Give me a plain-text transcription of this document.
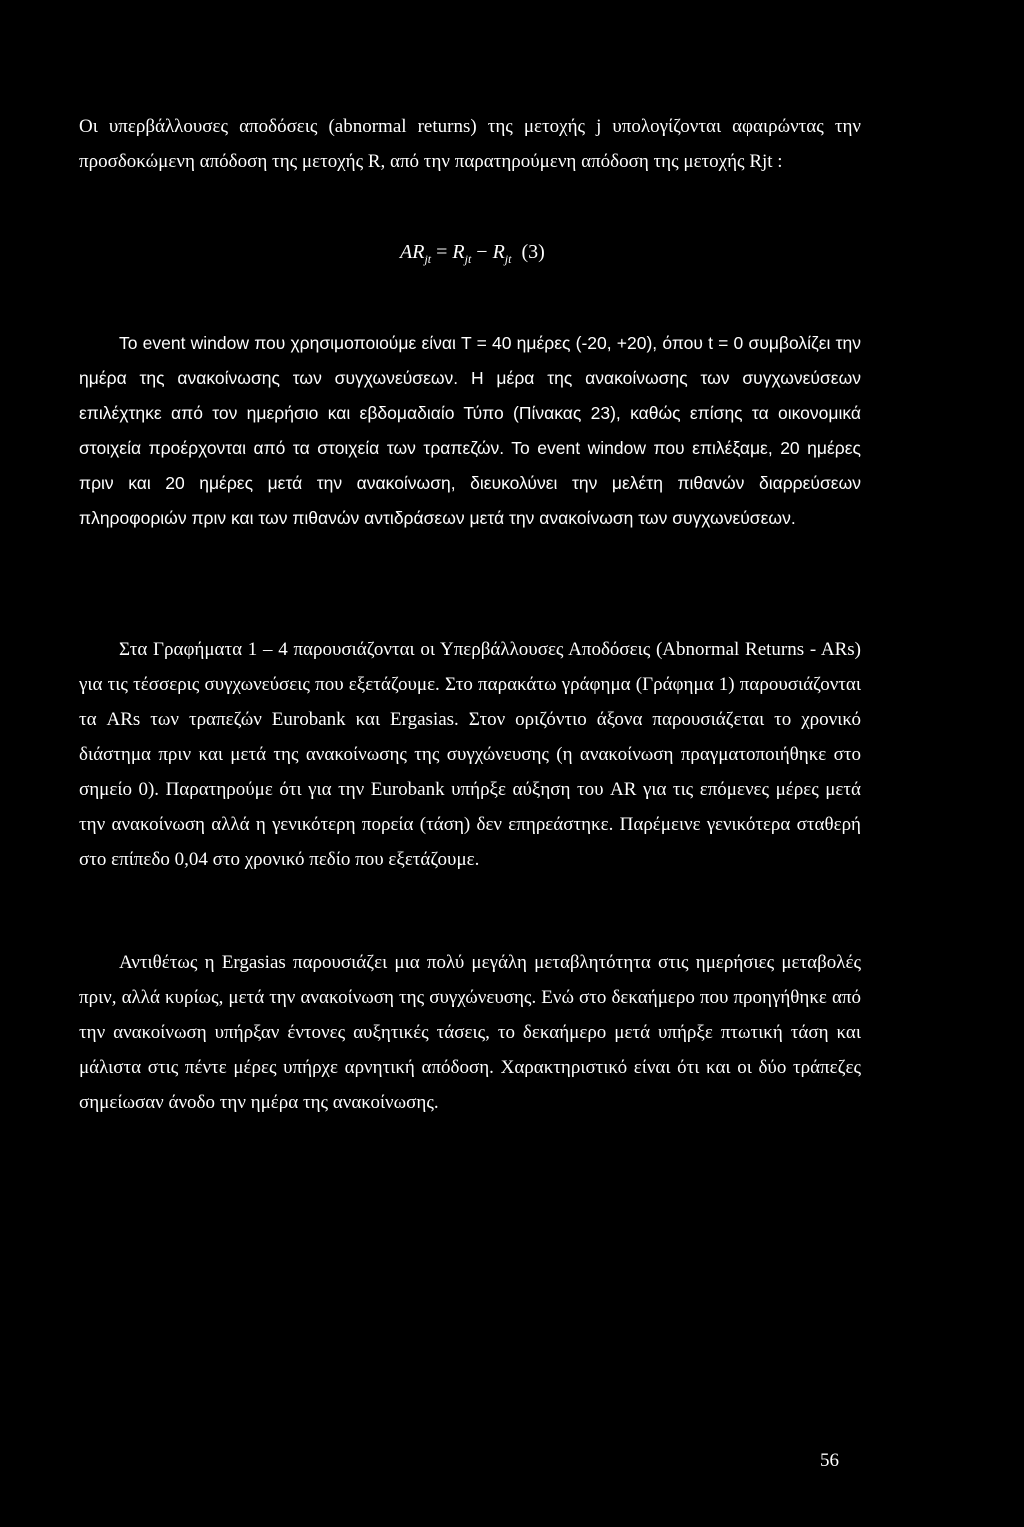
Οι υπερβάλλουσες αποδόσεις (abnormal returns) της μετοχής j υπολογίζονται αφαιρώντας την προσδοκώμενη απόδοση της μετοχής R, από την παρατηρούμενη απόδοση της μετοχής Rjt :

$AR_{jt} = R_{jt} - R_{jt}$ (3)

Το event window που χρησιμοποιούμε είναι T = 40 ημέρες (-20, +20), όπου t = 0 συμβολίζει την ημέρα της ανακοίνωσης των συγχωνεύσεων. Η μέρα της ανακοίνωσης των συγχωνεύσεων επιλέχτηκε από τον ημερήσιο και εβδομαδιαίο Τύπο (Πίνακας 23), καθώς επίσης τα οικονομικά στοιχεία προέρχονται από τα στοιχεία των τραπεζών. Το event window που επιλέξαμε, 20 ημέρες πριν και 20 ημέρες μετά την ανακοίνωση, διευκολύνει την μελέτη πιθανών διαρρεύσεων πληροφοριών πριν και των πιθανών αντιδράσεων μετά την ανακοίνωση των συγχωνεύσεων.

Στα Γραφήματα 1 – 4 παρουσιάζονται οι Υπερβάλλουσες Αποδόσεις (Abnormal Returns - ARs) για τις τέσσερις συγχωνεύσεις που εξετάζουμε. Στο παρακάτω γράφημα (Γράφημα 1) παρουσιάζονται τα ARs των τραπεζών Eurobank και Ergasias. Στον οριζόντιο άξονα παρουσιάζεται το χρονικό διάστημα πριν και μετά της ανακοίνωσης της συγχώνευσης (η ανακοίνωση πραγματοποιήθηκε στο σημείο 0). Παρατηρούμε ότι για την Eurobank υπήρξε αύξηση του AR για τις επόμενες μέρες μετά την ανακοίνωση αλλά η γενικότερη πορεία (τάση) δεν επηρεάστηκε. Παρέμεινε γενικότερα σταθερή στο επίπεδο 0,04 στο χρονικό πεδίο που εξετάζουμε.

Αντιθέτως η Ergasias παρουσιάζει μια πολύ μεγάλη μεταβλητότητα στις ημερήσιες μεταβολές πριν, αλλά κυρίως, μετά την ανακοίνωση της συγχώνευσης. Ενώ στο δεκαήμερο που προηγήθηκε από την ανακοίνωση υπήρξαν έντονες αυξητικές τάσεις, το δεκαήμερο μετά υπήρξε πτωτική τάση και μάλιστα στις πέντε μέρες υπήρχε αρνητική απόδοση. Χαρακτηριστικό είναι ότι και οι δύο τράπεζες σημείωσαν άνοδο την ημέρα της ανακοίνωσης.

56
